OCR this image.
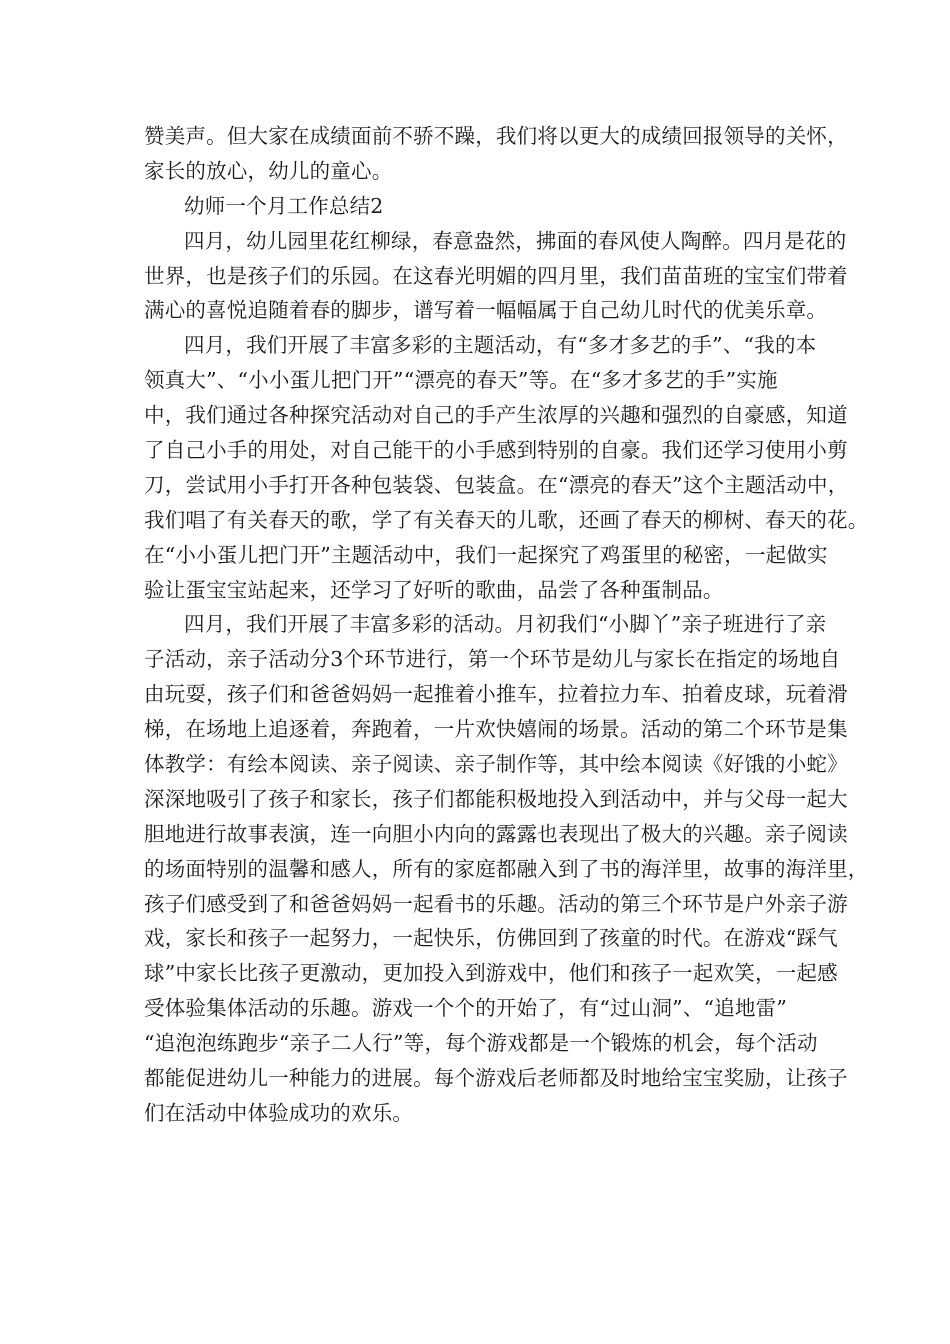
赞美声。但大家在成绩面前不骄不躁，我们将以更大的成绩回报领导的关怀，
家长的放心，幼儿的童心。
幼师一个月工作总结2
四月，幼儿园里花红柳绿，春意盎然，拂面的春风使人陶醉。四月是花的
世界，也是孩子们的乐园。在这春光明媚的四月里，我们苗苗班的宝宝们带着
满心的喜悦追随着春的脚步，谱写着一幅幅属于自己幼儿时代的优美乐章。
四月，我们开展了丰富多彩的主题活动，有“多才多艺的手”、“我的本
领真大”、“小小蛋儿把门开”“漂亮的春天”等。在“多才多艺的手”实施
中，我们通过各种探究活动对自己的手产生浓厚的兴趣和强烈的自豪感，知道
了自己小手的用处，对自己能干的小手感到特别的自豪。我们还学习使用小剪
刀，尝试用小手打开各种包装袋、包装盒。在“漂亮的春天”这个主题活动中，
我们唱了有关春天的歌，学了有关春天的儿歌，还画了春天的柳树、春天的花。
在“小小蛋儿把门开”主题活动中，我们一起探究了鸡蛋里的秘密，一起做实
验让蛋宝宝站起来，还学习了好听的歌曲，品尝了各种蛋制品。
四月，我们开展了丰富多彩的活动。月初我们“小脚丫”亲子班进行了亲
子活动，亲子活动分3个环节进行，第一个环节是幼儿与家长在指定的场地自
由玩耍，孩子们和爸爸妈妈一起推着小推车，拉着拉力车、拍着皮球，玩着滑
梯，在场地上追逐着，奔跑着，一片欢快嬉闹的场景。活动的第二个环节是集
体教学：有绘本阅读、亲子阅读、亲子制作等，其中绘本阅读《好饿的小蛇》
深深地吸引了孩子和家长，孩子们都能积极地投入到活动中，并与父母一起大
胆地进行故事表演，连一向胆小内向的露露也表现出了极大的兴趣。亲子阅读
的场面特别的温馨和感人，所有的家庭都融入到了书的海洋里，故事的海洋里，
孩子们感受到了和爸爸妈妈一起看书的乐趣。活动的第三个环节是户外亲子游
戏，家长和孩子一起努力，一起快乐，仿佛回到了孩童的时代。在游戏“踩气
球”中家长比孩子更激动，更加投入到游戏中，他们和孩子一起欢笑，一起感
受体验集体活动的乐趣。游戏一个个的开始了，有“过山洞”、“追地雷”
“追泡泡练跑步“亲子二人行”等，每个游戏都是一个锻炼的机会，每个活动
都能促进幼儿一种能力的进展。每个游戏后老师都及时地给宝宝奖励，让孩子
们在活动中体验成功的欢乐。
